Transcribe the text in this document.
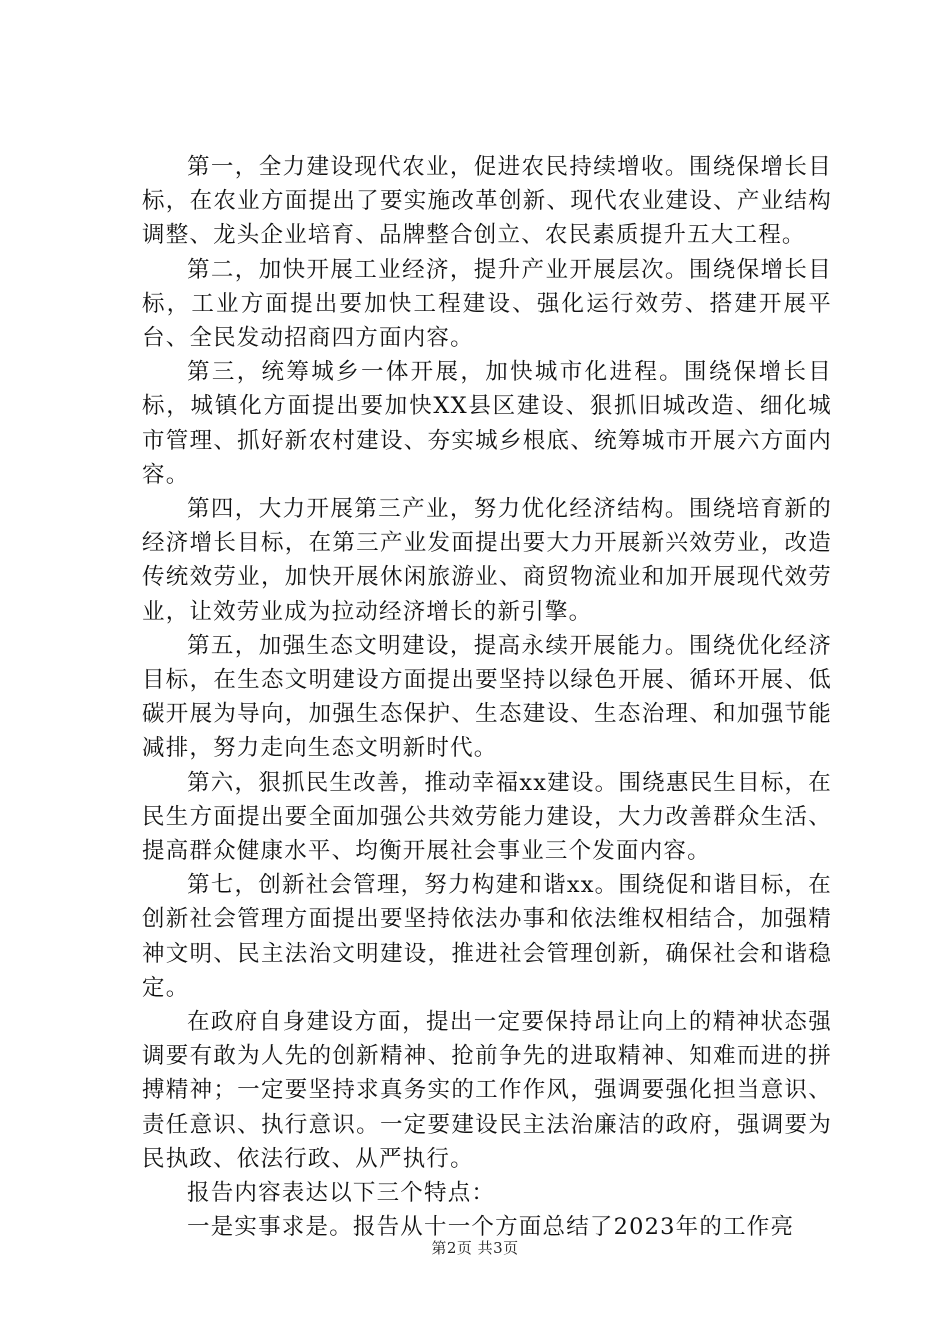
第一，全力建设现代农业，促进农民持续增收。围绕保增长目标，在农业方面提出了要实施改革创新、现代农业建设、产业结构调整、龙头企业培育、品牌整合创立、农民素质提升五大工程。

第二，加快开展工业经济，提升产业开展层次。围绕保增长目标，工业方面提出要加快工程建设、强化运行效劳、搭建开展平台、全民发动招商四方面内容。

第三，统筹城乡一体开展，加快城市化进程。围绕保增长目标，城镇化方面提出要加快XX县区建设、狠抓旧城改造、细化城市管理、抓好新农村建设、夯实城乡根底、统筹城市开展六方面内容。

第四，大力开展第三产业，努力优化经济结构。围绕培育新的经济增长目标，在第三产业发面提出要大力开展新兴效劳业，改造传统效劳业，加快开展休闲旅游业、商贸物流业和加开展现代效劳业，让效劳业成为拉动经济增长的新引擎。

第五，加强生态文明建设，提高永续开展能力。围绕优化经济目标，在生态文明建设方面提出要坚持以绿色开展、循环开展、低碳开展为导向，加强生态保护、生态建设、生态治理、和加强节能减排，努力走向生态文明新时代。

第六，狠抓民生改善，推动幸福xx建设。围绕惠民生目标，在民生方面提出要全面加强公共效劳能力建设，大力改善群众生活、提高群众健康水平、均衡开展社会事业三个发面内容。

第七，创新社会管理，努力构建和谐xx。围绕促和谐目标，在创新社会管理方面提出要坚持依法办事和依法维权相结合，加强精神文明、民主法治文明建设，推进社会管理创新，确保社会和谐稳定。

在政府自身建设方面，提出一定要保持昂让向上的精神状态强调要有敢为人先的创新精神、抢前争先的进取精神、知难而进的拼搏精神；一定要坚持求真务实的工作作风，强调要强化担当意识、责任意识、执行意识。一定要建设民主法治廉洁的政府，强调要为民执政、依法行政、从严执行。

报告内容表达以下三个特点：

一是实事求是。报告从十一个方面总结了2023年的工作亮

第2页 共3页
